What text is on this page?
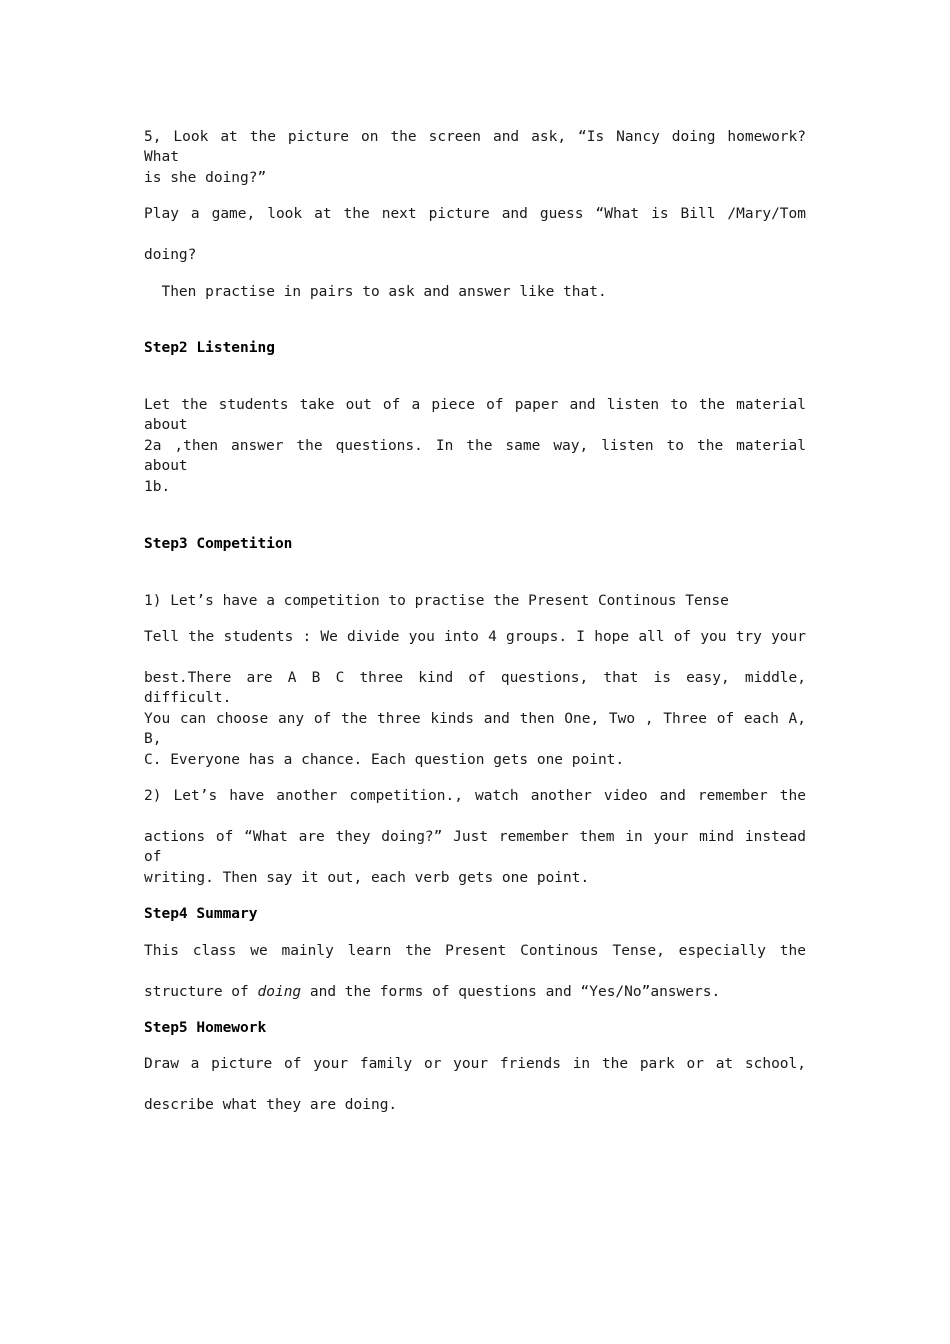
5, Look at the picture on the screen and ask, “Is Nancy doing homework? What

is she doing?”

Play a game, look at the next picture and guess “What is Bill /Mary/Tom

doing?

Then practise in pairs to ask and answer like that.

Step2 Listening

Let the students take out of a piece of paper and listen to the material about

2a ,then answer the questions. In the same way, listen to the material about

1b.

Step3 Competition

1) Let’s have a competition to practise the Present Continous Tense

Tell the students : We divide you into 4 groups. I hope all of you try your

best.There are A B C three kind of questions, that is easy, middle, difficult.

You can choose any of the three kinds and then One, Two , Three of each A, B,

C. Everyone has a chance. Each question gets one point.

2) Let’s have another competition., watch another video and remember the

actions of “What are they doing?” Just remember them in your mind instead of

writing. Then say it out, each verb gets one point.

Step4 Summary

This class we mainly learn the Present Continous Tense, especially the

structure of doing and the forms of questions and “Yes/No”answers.

Step5 Homework

Draw a picture of your family or your friends in the park or at school,

describe what they are doing.
